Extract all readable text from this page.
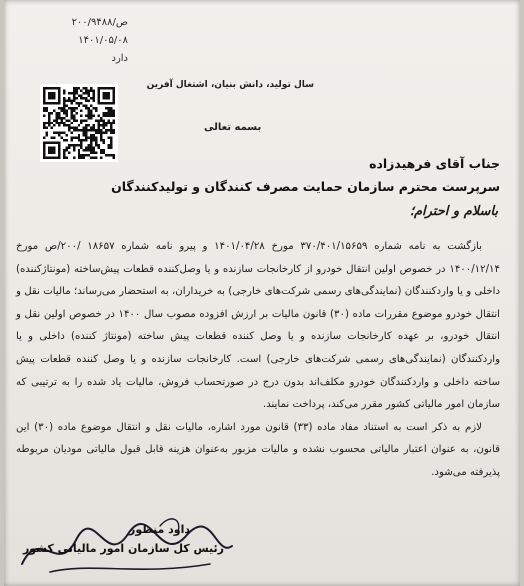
۲۰۰/۹۴۸۸/ص
۱۴۰۱/۰۵/۰۸
دارد
سال تولید، دانش بنیان، اشتغال آفرین
بسمه تعالی
جناب آقای فرهیدزاده
سرپرست محترم سازمان حمایت مصرف کنندگان و تولیدکنندگان
باسلام و احترام؛

بازگشت به نامه شماره ۳۷۰/۴۰۱/۱۵۶۵۹ مورخ ۱۴۰۱/۰۴/۲۸ و پیرو نامه شماره ۱۸۶۵۷ /۲۰۰/ص مورخ ۱۴۰۰/۱۲/۱۴ در خصوص اولین انتقال خودرو از کارخانجات سازنده و یا وصل‌کننده قطعات پیش‌ساخته (مونتاژکننده) داخلی و یا واردکنندگان (نمایندگی‌های رسمی شرکت‌های خارجی) به خریداران، به استحضار می‌رساند؛ مالیات نقل و انتقال خودرو موضوع مقررات ماده (۳۰) قانون مالیات بر ارزش افزوده مصوب سال ۱۴۰۰ در خصوص اولین نقل و انتقال خودرو، بر عهده کارخانجات سازنده و یا وصل کننده قطعات پیش ساخته (مونتاژ کننده) داخلی و یا واردکنندگان (نمایندگی‌های رسمی شرکت‌های خارجی) است. کارخانجات سازنده و یا وصل کننده قطعات پیش ساخته داخلی و واردکنندگان خودرو مکلف‌اند بدون درج در صورتحساب فروش، مالیات یاد شده را به ترتیبی که سازمان امور مالیاتی کشور مقرر می‌کند، پرداخت نمایند.

لازم به ذکر است به استناد مفاد ماده (۳۳) قانون مورد اشاره، مالیات نقل و انتقال موضوع ماده (۳۰) این قانون، به عنوان اعتبار مالیاتی محسوب نشده و مالیات مزبور به‌عنوان هزینه قابل قبول مالیاتی مودیان مربوطه پذیرفته می‌شود.

داود منظور
رئیس کل سازمان امور مالیاتی کشور
